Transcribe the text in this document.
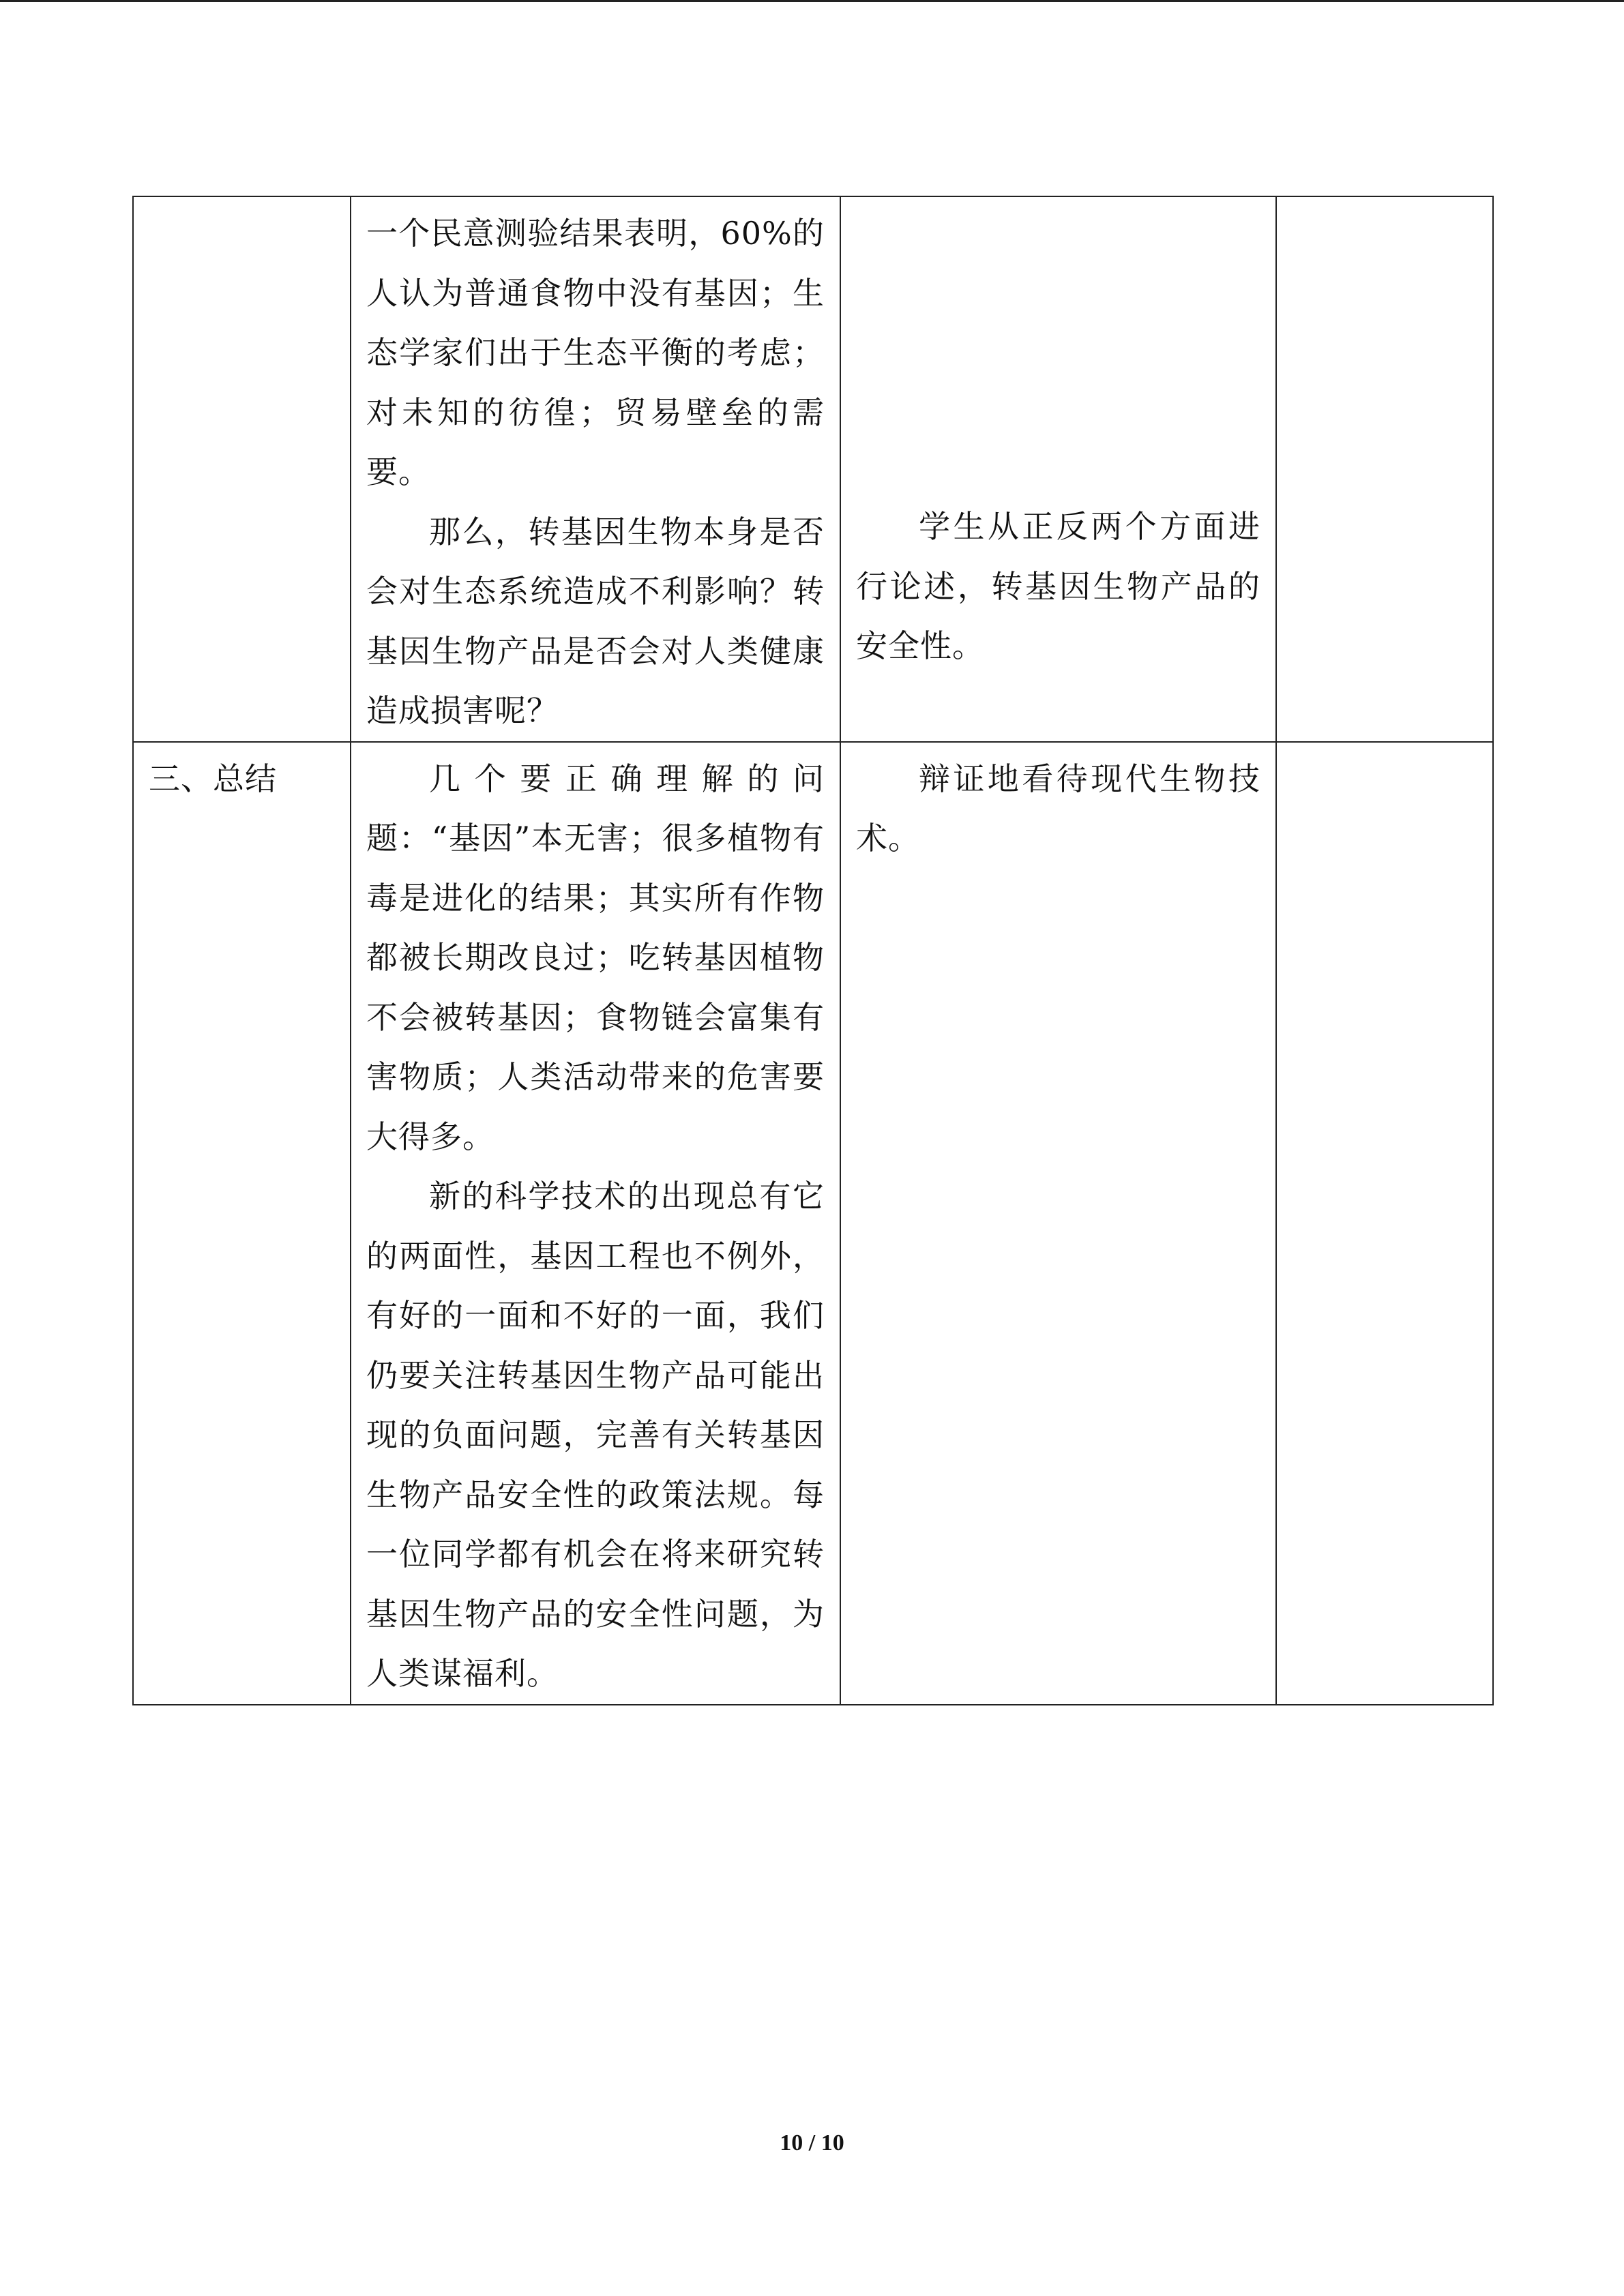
	一个民意测验结果表明，60%的人认为普通食物中没有基因；生态学家们出于生态平衡的考虑；对未知的彷徨；贸易壁垒的需要。

那么，转基因生物本身是否会对生态系统造成不利影响？转基因生物产品是否会对人类健康造成损害呢？	学生从正反两个方面进行论述，转基因生物产品的安全性。	

三、总结	几个要正确理解的问题：“基因”本无害；很多植物有毒是进化的结果；其实所有作物都被长期改良过；吃转基因植物不会被转基因；食物链会富集有害物质；人类活动带来的危害要大得多。

新的科学技术的出现总有它的两面性，基因工程也不例外，有好的一面和不好的一面，我们仍要关注转基因生物产品可能出现的负面问题，完善有关转基因生物产品安全性的政策法规。每一位同学都有机会在将来研究转基因生物产品的安全性问题，为人类谋福利。	辩证地看待现代生物技术。	

10 / 10
